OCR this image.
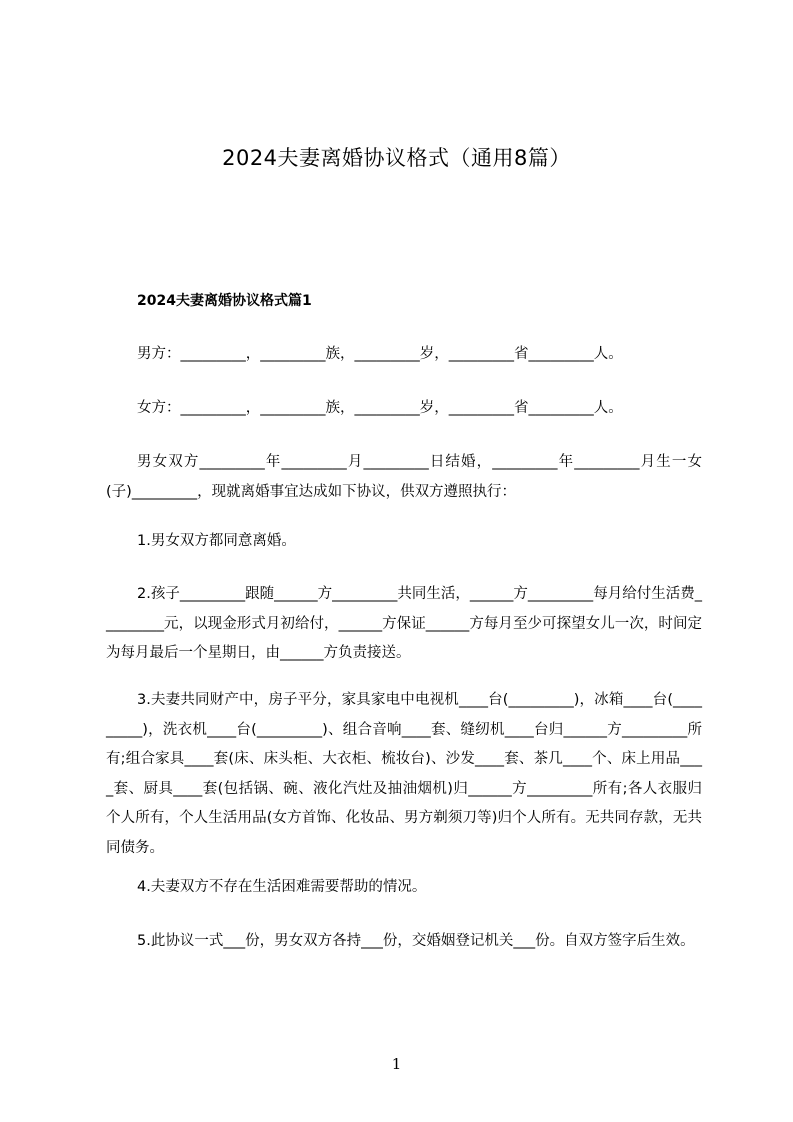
2024夫妻离婚协议格式（通用8篇）
2024夫妻离婚协议格式篇1
男方：_________，_________族，_________岁，_________省_________人。
女方：_________，_________族，_________岁，_________省_________人。
男女双方_________年_________月_________日结婚，_________年_________月生一女(子)_________，现就离婚事宜达成如下协议，供双方遵照执行：
1.男女双方都同意离婚。
2.孩子_________跟随______方_________共同生活，______方_________每月给付生活费_________元，以现金形式月初给付，______方保证______方每月至少可探望女儿一次，时间定为每月最后一个星期日，由______方负责接送。
3.夫妻共同财产中，房子平分，家具家电中电视机____台(_________)，冰箱____台(_________)，洗衣机____台(_________)、组合音响____套、缝纫机____台归______方_________所有;组合家具____套(床、床头柜、大衣柜、梳妆台)、沙发____套、茶几____个、床上用品____套、厨具____套(包括锅、碗、液化汽灶及抽油烟机)归______方_________所有;各人衣服归个人所有，个人生活用品(女方首饰、化妆品、男方剃须刀等)归个人所有。无共同存款，无共同债务。
4.夫妻双方不存在生活困难需要帮助的情况。
5.此协议一式___份，男女双方各持___份，交婚姻登记机关___份。自双方签字后生效。
1
